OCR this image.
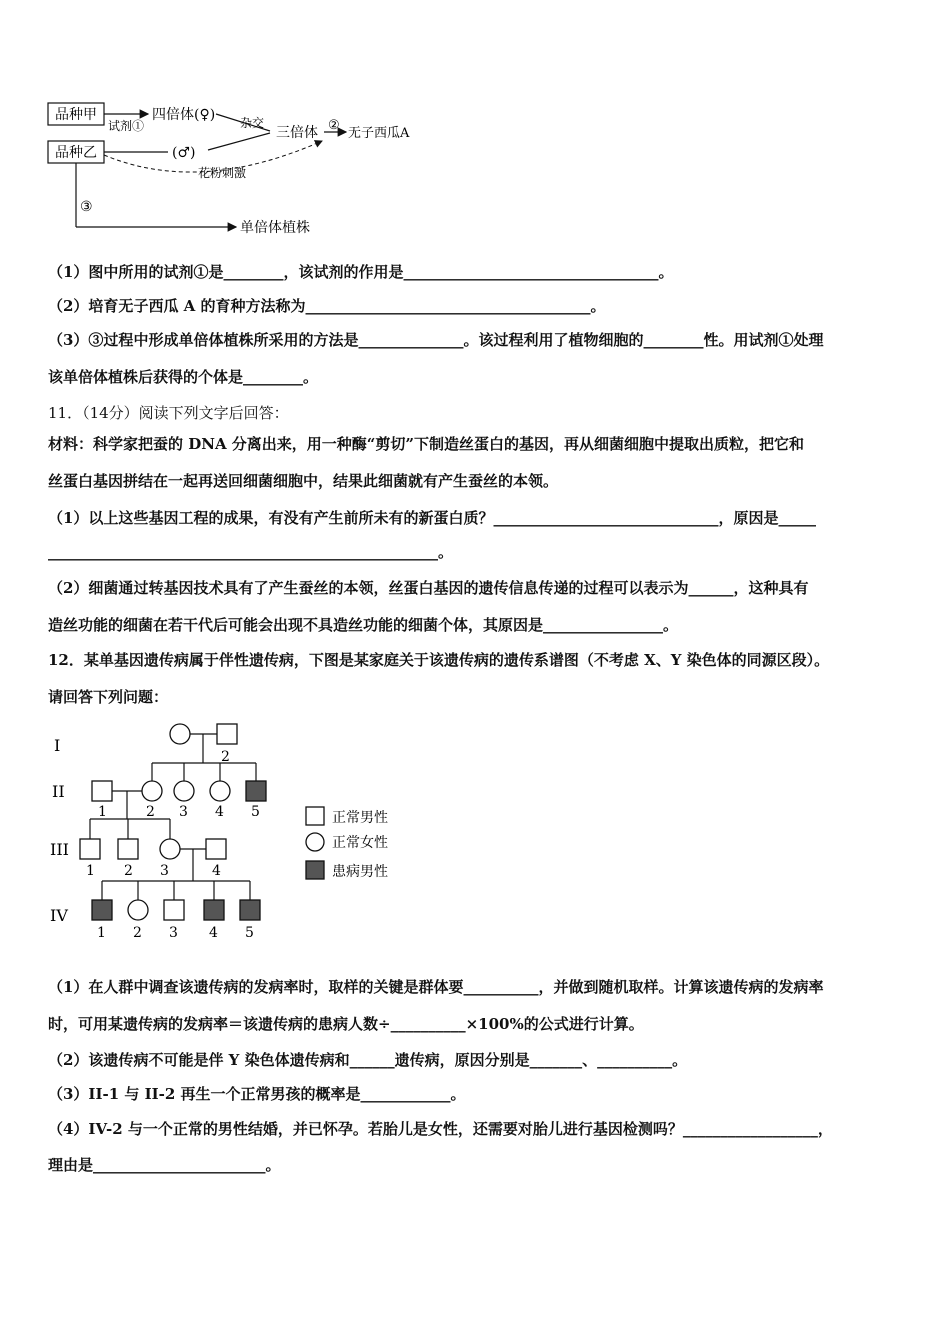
品种甲
品种乙
试剂①
四倍体(♀)
(♂)
杂交
三倍体 ②
无子西瓜A
花粉刺激
③
单倍体植株
（1）图中所用的试剂①是________，该试剂的作用是__________________________________。
（2）培育无子西瓜 A 的育种方法称为______________________________________。
（3）③过程中形成单倍体植株所采用的方法是______________。该过程利用了植物细胞的________性。用试剂①处理
该单倍体植株后获得的个体是________。
11．（14分）阅读下列文字后回答：
材料：科学家把蚕的 DNA 分离出来，用一种酶“剪切”下制造丝蛋白的基因，再从细菌细胞中提取出质粒，把它和
丝蛋白基因拼结在一起再送回细菌细胞中，结果此细菌就有产生蚕丝的本领。
（1）以上这些基因工程的成果，有没有产生前所未有的新蛋白质？______________________________，原因是_____
____________________________________________________。
（2）细菌通过转基因技术具有了产生蚕丝的本领，丝蛋白基因的遗传信息传递的过程可以表示为______，这种具有
造丝功能的细菌在若干代后可能会出现不具造丝功能的细菌个体，其原因是________________。
12．某单基因遗传病属于伴性遗传病，下图是某家庭关于该遗传病的遗传系谱图（不考虑 X、Y 染色体的同源区段）。
请回答下列问题：
I
II
III
IV
2
1	2 3 4 5
1 2 3	4
1 2 3 4 5
正常男性
正常女性
患病男性
（1）在人群中调查该遗传病的发病率时，取样的关键是群体要__________，并做到随机取样。计算该遗传病的发病率
时，可用某遗传病的发病率＝该遗传病的患病人数÷__________×100%的公式进行计算。
（2）该遗传病不可能是伴 Y 染色体遗传病和______遗传病，原因分别是_______、__________。
（3）II-1 与 II-2 再生一个正常男孩的概率是____________。
（4）IV-2 与一个正常的男性结婚，并已怀孕。若胎儿是女性，还需要对胎儿进行基因检测吗？__________________，
理由是_______________________。
